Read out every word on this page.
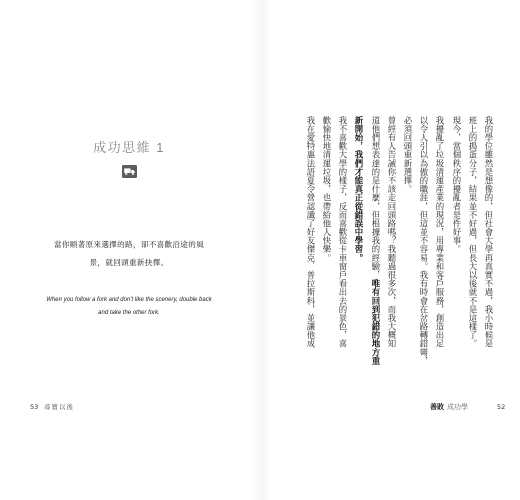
成功思維 1
當你順著原來選擇的路，卻不喜歡沿途的風
景，就回頭重新抉擇。
When you follow a fork and don't like the scenery, double back
and take the other fork.
53 尋寶以後
我的學位雖然是想像的，但社會大學再真實不過，我小時候是
班上的搗蛋分子，結果並不好過，但長大以後就不是這樣了。
現今，當個秩序的擾亂者是件好事。
我擾亂了垃圾清運產業的現況，用專業和客戶服務，創造出足
以令人引以為傲的職涯，但這並不容易。我有時會在岔路轉錯彎，
必須回頭重新選擇。
曾經有人告誡你不該走回頭路嗎？我聽過很多次，而我大概知
道他們想表達的是什麼，但根據我的經驗，唯有回到犯錯的地方重
新開始，我們才能真正從錯誤中學習。
我不喜歡大學的樣子，反而喜歡從卡車窗戶看出去的景色，喜
歡愉快地清運垃圾，也帶給他人快樂。
我在愛特惠法語夏令營認識了好友傑克．普拉斯科，並讓他成
善敗 成功學	52
